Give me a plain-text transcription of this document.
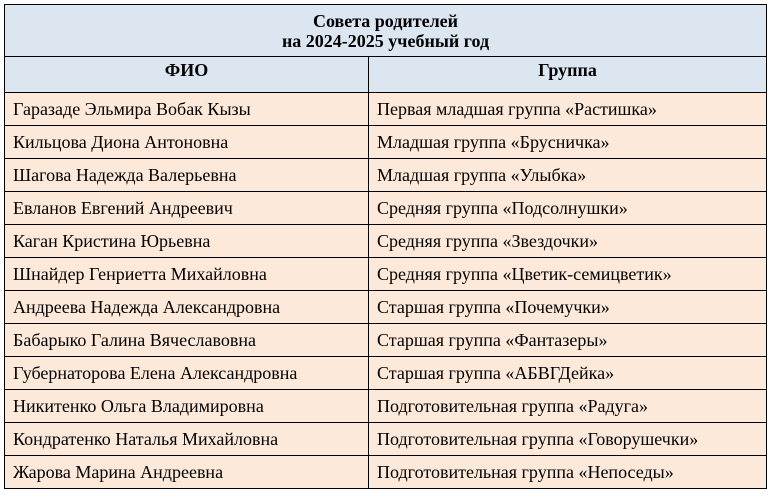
Совета родителей
на 2024-2025 учебный год	

ФИО	Группа
Гаразаде Эльмира Вобак Кызы	Первая младшая группа «Растишка»
Кильцова Диона Антоновна	Младшая группа «Брусничка»
Шагова Надежда Валерьевна	Младшая группа «Улыбка»
Евланов Евгений Андреевич	Средняя группа «Подсолнушки»
Каган Кристина Юрьевна	Средняя группа «Звездочки»
Шнайдер Генриетта Михайловна	Средняя группа «Цветик-семицветик»
Андреева Надежда Александровна	Старшая группа «Почемучки»
Бабарыко Галина Вячеславовна	Старшая группа «Фантазеры»
Губернаторова Елена Александровна	Старшая группа «АБВГДейка»
Никитенко Ольга Владимировна	Подготовительная группа «Радуга»
Кондратенко Наталья Михайловна	Подготовительная группа «Говорушечки»
Жарова Марина Андреевна	Подготовительная группа «Непоседы»
